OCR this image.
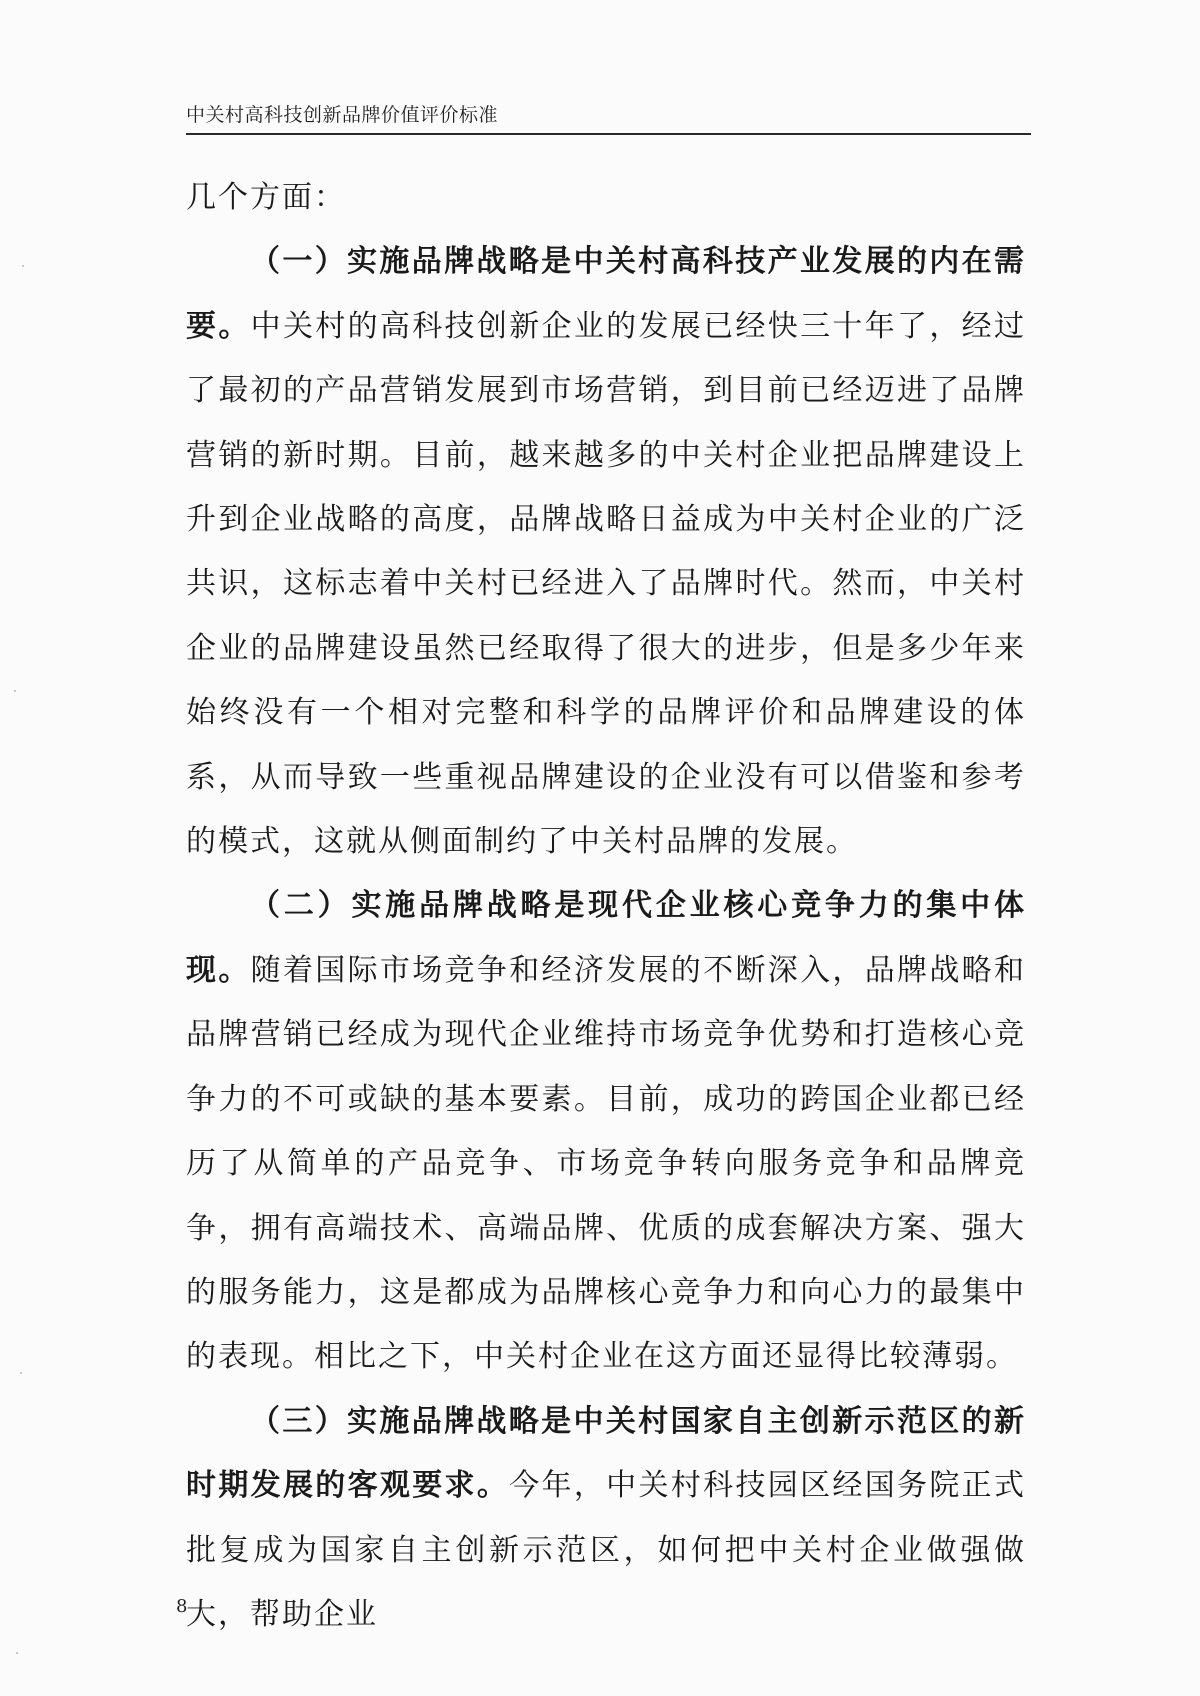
中关村高科技创新品牌价值评价标准

几个方面：

（一）实施品牌战略是中关村高科技产业发展的内在需要。中关村的高科技创新企业的发展已经快三十年了，经过了最初的产品营销发展到市场营销，到目前已经迈进了品牌营销的新时期。目前，越来越多的中关村企业把品牌建设上升到企业战略的高度，品牌战略日益成为中关村企业的广泛共识，这标志着中关村已经进入了品牌时代。然而，中关村企业的品牌建设虽然已经取得了很大的进步，但是多少年来始终没有一个相对完整和科学的品牌评价和品牌建设的体系，从而导致一些重视品牌建设的企业没有可以借鉴和参考的模式，这就从侧面制约了中关村品牌的发展。

（二）实施品牌战略是现代企业核心竞争力的集中体现。随着国际市场竞争和经济发展的不断深入，品牌战略和品牌营销已经成为现代企业维持市场竞争优势和打造核心竞争力的不可或缺的基本要素。目前，成功的跨国企业都已经历了从简单的产品竞争、市场竞争转向服务竞争和品牌竞争，拥有高端技术、高端品牌、优质的成套解决方案、强大的服务能力，这是都成为品牌核心竞争力和向心力的最集中的表现。相比之下，中关村企业在这方面还显得比较薄弱。

（三）实施品牌战略是中关村国家自主创新示范区的新时期发展的客观要求。今年，中关村科技园区经国务院正式批复成为国家自主创新示范区，如何把中关村企业做强做大，帮助企业

8
